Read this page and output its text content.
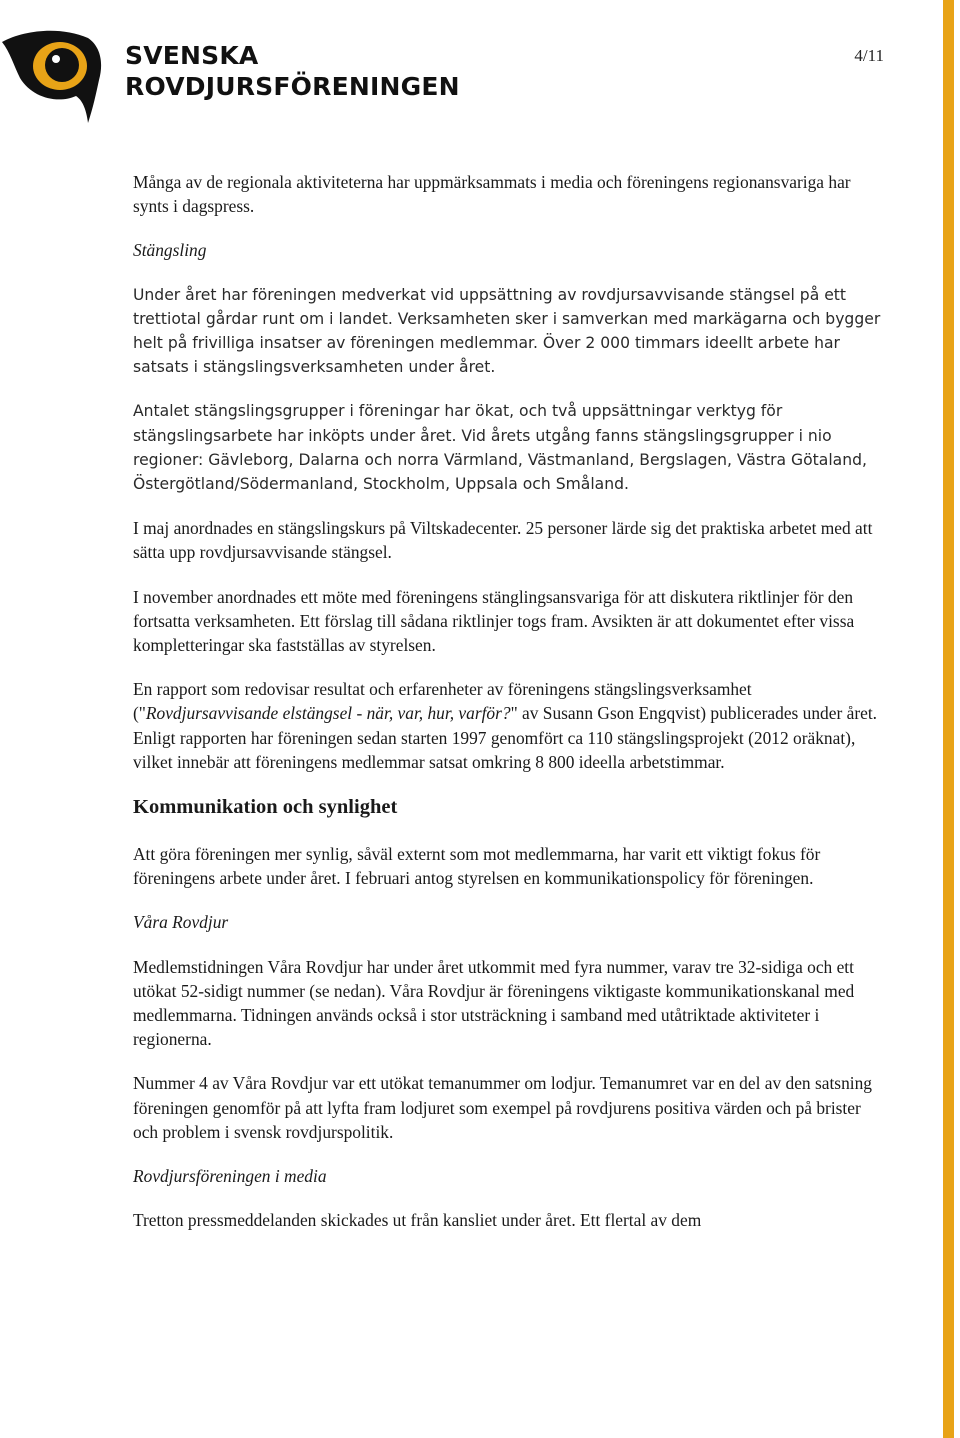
SVENSKA
ROVDJURSFÖRENINGEN
4/11

Många av de regionala aktiviteterna har uppmärksammats i media och föreningens regionansvariga har synts i dagspress.

Stängsling

Under året har föreningen medverkat vid uppsättning av rovdjursavvisande stängsel på ett trettiotal gårdar runt om i landet. Verksamheten sker i samverkan med markägarna och bygger helt på frivilliga insatser av föreningen medlemmar. Över 2 000 timmars ideellt arbete har satsats i stängslingsverksamheten under året.

Antalet stängslingsgrupper i föreningar har ökat, och två uppsättningar verktyg för stängslingsarbete har inköpts under året. Vid årets utgång fanns stängslingsgrupper i nio regioner: Gävleborg, Dalarna och norra Värmland, Västmanland, Bergslagen, Västra Götaland, Östergötland/Södermanland, Stockholm, Uppsala och Småland.

I maj anordnades en stängslingskurs på Viltskadecenter. 25 personer lärde sig det praktiska arbetet med att sätta upp rovdjursavvisande stängsel.

I november anordnades ett möte med föreningens stänglingsansvariga för att diskutera riktlinjer för den fortsatta verksamheten. Ett förslag till sådana riktlinjer togs fram. Avsikten är att dokumentet efter vissa kompletteringar ska fastställas av styrelsen.

En rapport som redovisar resultat och erfarenheter av föreningens stängslingsverksamhet ("Rovdjursavvisande elstängsel - när, var, hur, varför?" av Susann Gson Engqvist) publicerades under året. Enligt rapporten har föreningen sedan starten 1997 genomfört ca 110 stängslingsprojekt (2012 oräknat), vilket innebär att föreningens medlemmar satsat omkring 8 800 ideella arbetstimmar.

Kommunikation och synlighet

Att göra föreningen mer synlig, såväl externt som mot medlemmarna, har varit ett viktigt fokus för föreningens arbete under året. I februari antog styrelsen en kommunikationspolicy för föreningen.

Våra Rovdjur

Medlemstidningen Våra Rovdjur har under året utkommit med fyra nummer, varav tre 32-sidiga och ett utökat 52-sidigt nummer (se nedan). Våra Rovdjur är föreningens viktigaste kommunikationskanal med medlemmarna. Tidningen används också i stor utsträckning i samband med utåtriktade aktiviteter i regionerna.

Nummer 4 av Våra Rovdjur var ett utökat temanummer om lodjur. Temanumret var en del av den satsning föreningen genomför på att lyfta fram lodjuret som exempel på rovdjurens positiva värden och på brister och problem i svensk rovdjurspolitik.

Rovdjursföreningen i media

Tretton pressmeddelanden skickades ut från kansliet under året. Ett flertal av dem
